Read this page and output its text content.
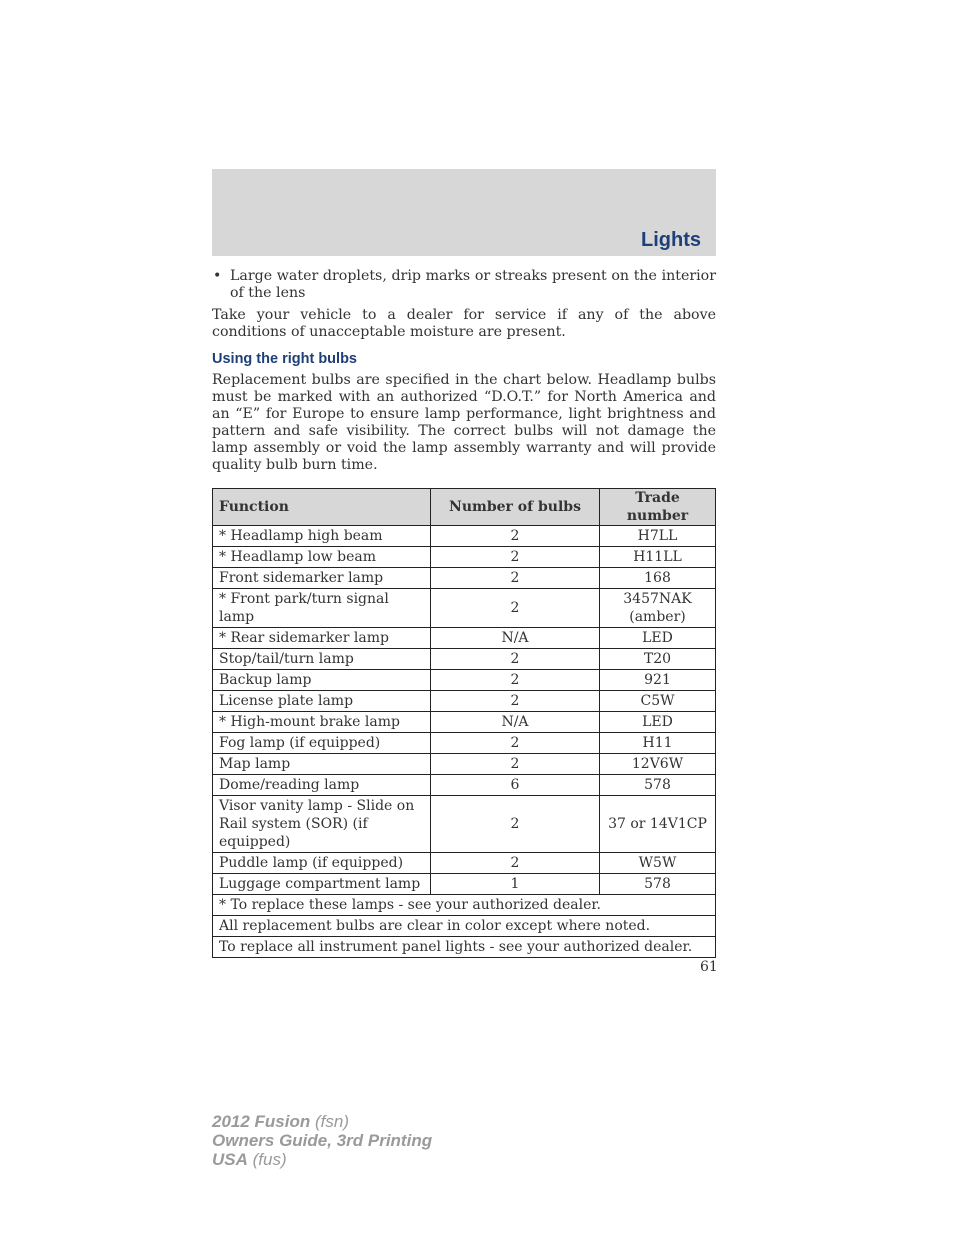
Lights
• Large water droplets, drip marks or streaks present on the interior of the lens

Take your vehicle to a dealer for service if any of the above conditions of unacceptable moisture are present.

Using the right bulbs

Replacement bulbs are specified in the chart below. Headlamp bulbs must be marked with an authorized “D.O.T.” for North America and an “E” for Europe to ensure lamp performance, light brightness and pattern and safe visibility. The correct bulbs will not damage the lamp assembly or void the lamp assembly warranty and will provide quality bulb burn time.

Function	Number of bulbs	Trade number
* Headlamp high beam	2	H7LL
* Headlamp low beam	2	H11LL
Front sidemarker lamp	2	168
* Front park/turn signal lamp	2	3457NAK (amber)
* Rear sidemarker lamp	N/A	LED
Stop/tail/turn lamp	2	T20
Backup lamp	2	921
License plate lamp	2	C5W
* High-mount brake lamp	N/A	LED
Fog lamp (if equipped)	2	H11
Map lamp	2	12V6W
Dome/reading lamp	6	578
Visor vanity lamp - Slide on Rail system (SOR) (if equipped)	2	37 or 14V1CP
Puddle lamp (if equipped)	2	W5W
Luggage compartment lamp	1	578
* To replace these lamps - see your authorized dealer.		
All replacement bulbs are clear in color except where noted.		
To replace all instrument panel lights - see your authorized dealer.		
61
2012 Fusion (fsn)
Owners Guide, 3rd Printing
USA (fus)
